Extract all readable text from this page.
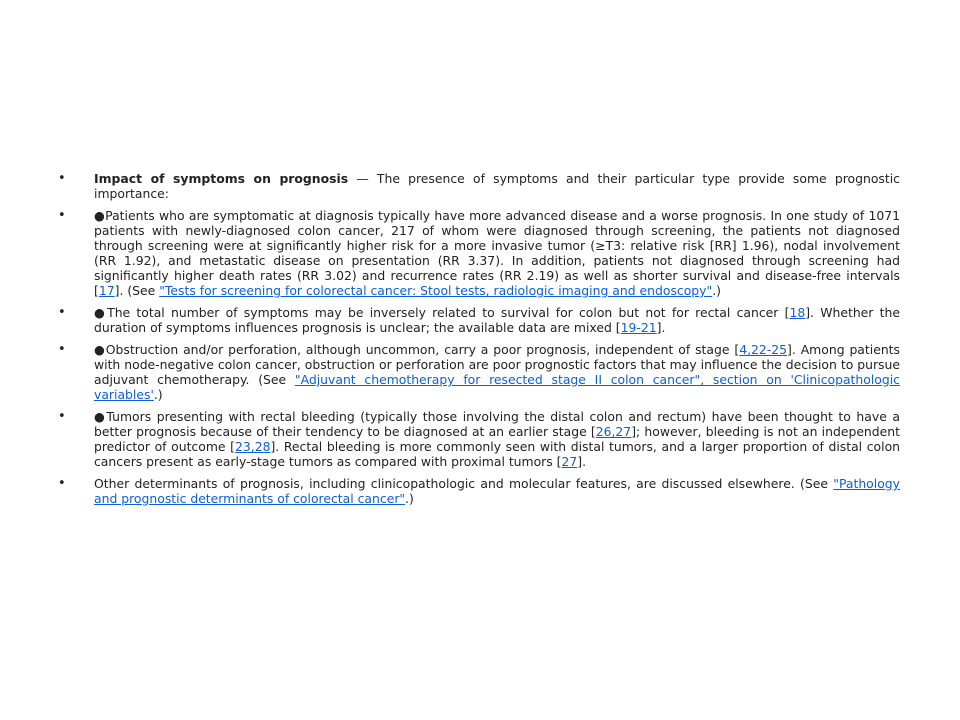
• Impact of symptoms on prognosis — The presence of symptoms and their particular type provide some prognostic importance:
• ●Patients who are symptomatic at diagnosis typically have more advanced disease and a worse prognosis. In one study of 1071 patients with newly-diagnosed colon cancer, 217 of whom were diagnosed through screening, the patients not diagnosed through screening were at significantly higher risk for a more invasive tumor (≥T3: relative risk [RR] 1.96), nodal involvement (RR 1.92), and metastatic disease on presentation (RR 3.37). In addition, patients not diagnosed through screening had significantly higher death rates (RR 3.02) and recurrence rates (RR 2.19) as well as shorter survival and disease-free intervals [17]. (See "Tests for screening for colorectal cancer: Stool tests, radiologic imaging and endoscopy".)
• ●The total number of symptoms may be inversely related to survival for colon but not for rectal cancer [18]. Whether the duration of symptoms influences prognosis is unclear; the available data are mixed [19-21].
• ●Obstruction and/or perforation, although uncommon, carry a poor prognosis, independent of stage [4,22-25]. Among patients with node-negative colon cancer, obstruction or perforation are poor prognostic factors that may influence the decision to pursue adjuvant chemotherapy. (See "Adjuvant chemotherapy for resected stage II colon cancer", section on 'Clinicopathologic variables'.)
• ●Tumors presenting with rectal bleeding (typically those involving the distal colon and rectum) have been thought to have a better prognosis because of their tendency to be diagnosed at an earlier stage [26,27]; however, bleeding is not an independent predictor of outcome [23,28]. Rectal bleeding is more commonly seen with distal tumors, and a larger proportion of distal colon cancers present as early-stage tumors as compared with proximal tumors [27].
• Other determinants of prognosis, including clinicopathologic and molecular features, are discussed elsewhere. (See "Pathology and prognostic determinants of colorectal cancer".)
